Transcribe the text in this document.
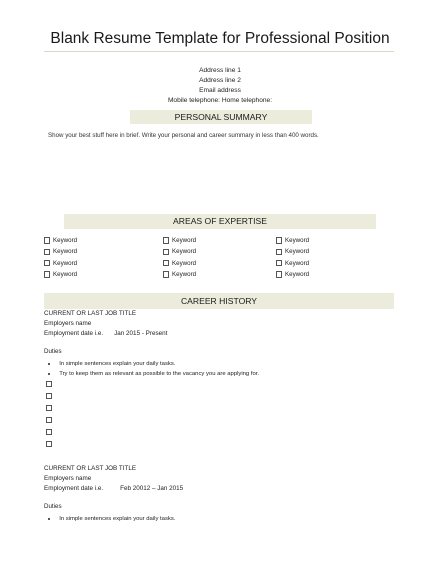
Blank Resume Template for Professional Position
Address line 1
Address line 2
Email address
Mobile telephone: Home telephone:
PERSONAL SUMMARY
Show your best stuff here in brief. Write your personal and career summary in less than 400 words.
AREAS OF EXPERTISE
Keyword
Keyword
Keyword
Keyword
Keyword
Keyword
Keyword
Keyword
Keyword
Keyword
Keyword
Keyword
CAREER HISTORY
CURRENT OR LAST JOB TITLE
Employers name
Employment date i.e. Jan 2015 - Present
Duties
In simple sentences explain your daily tasks.
Try to keep them as relevant as possible to the vacancy you are applying for.
CURRENT OR LAST JOB TITLE
Employers name
Employment date i.e.	Feb 20012 – Jan 2015
Duties
In simple sentences explain your daily tasks.
